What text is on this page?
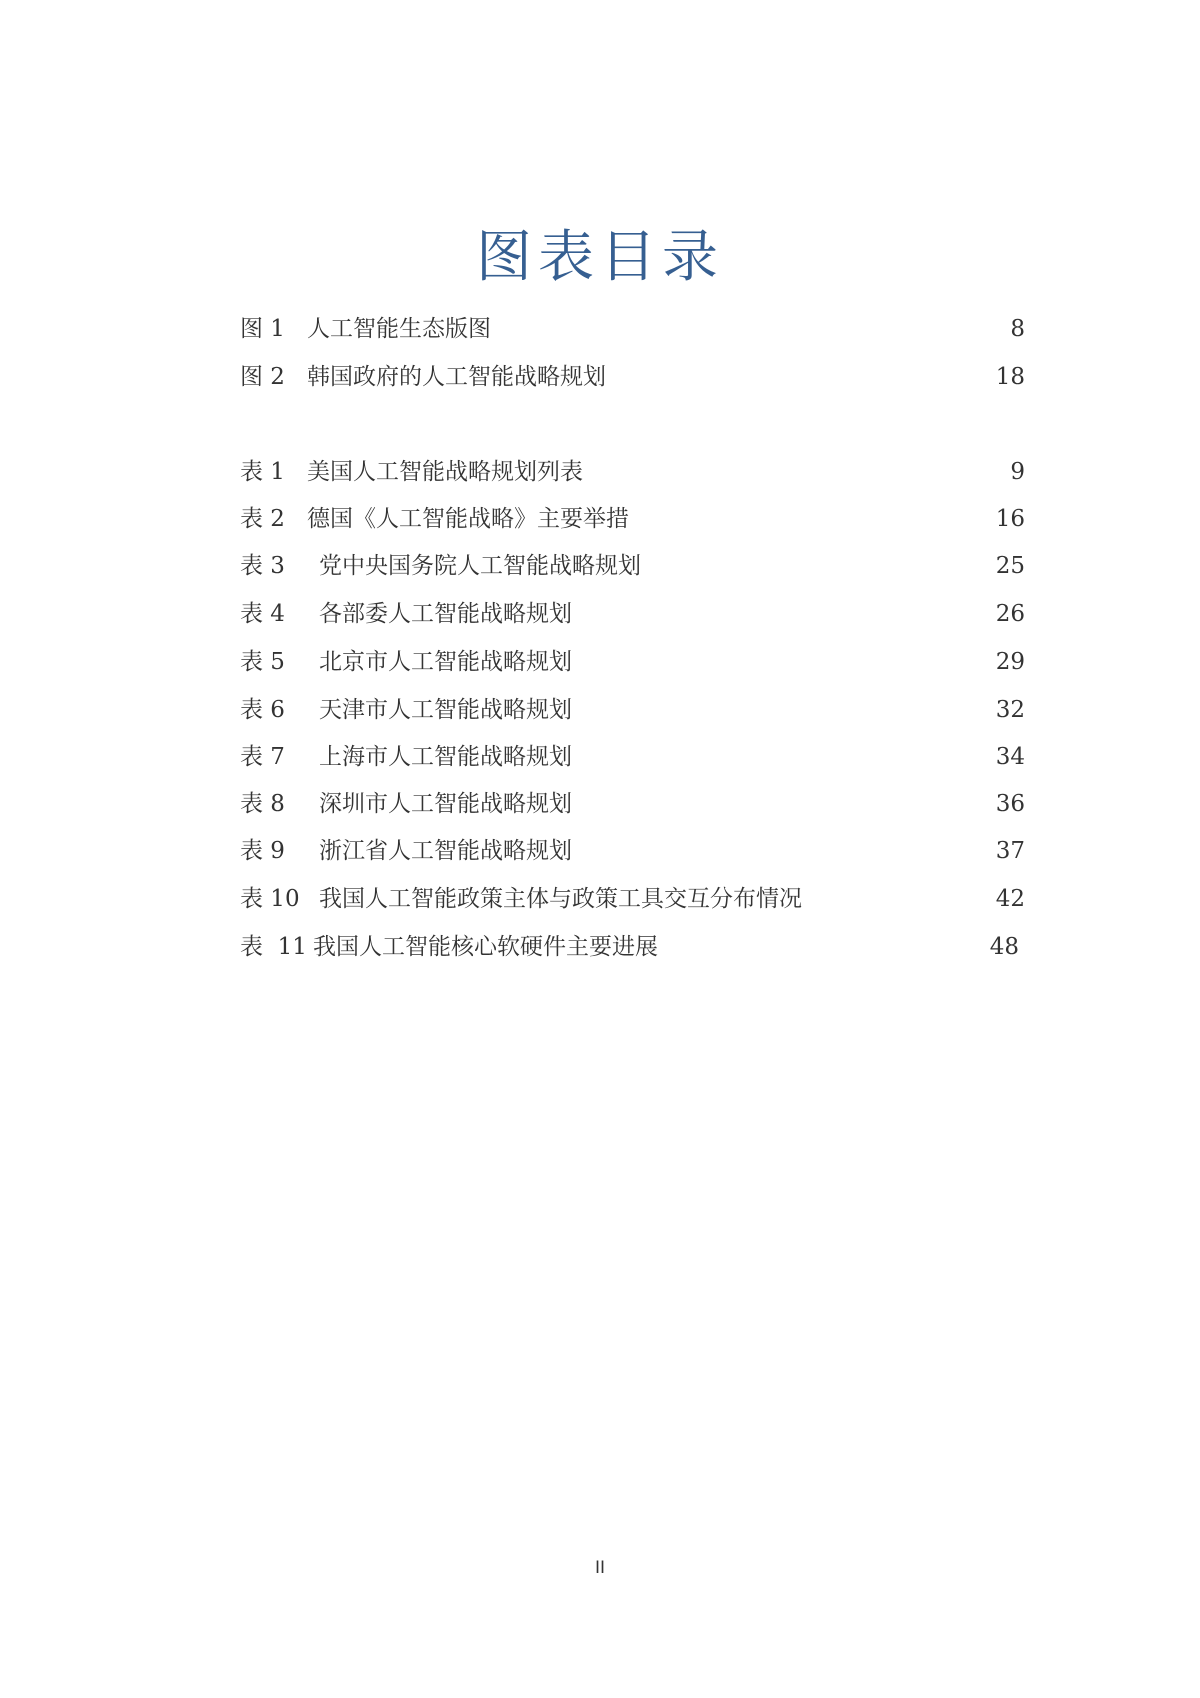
图表目录
图 1 人工智能生态版图	8
图 2 韩国政府的人工智能战略规划	18
表 1 美国人工智能战略规划列表	9
表 2 德国《人工智能战略》主要举措	16
表 3 党中央国务院人工智能战略规划	25
表 4 各部委人工智能战略规划	26
表 5 北京市人工智能战略规划	29
表 6 天津市人工智能战略规划	32
表 7 上海市人工智能战略规划	34
表 8 深圳市人工智能战略规划	36
表 9 浙江省人工智能战略规划	37
表 10 我国人工智能政策主体与政策工具交互分布情况	42
表  11 我国人工智能核心软硬件主要进展	48
II
